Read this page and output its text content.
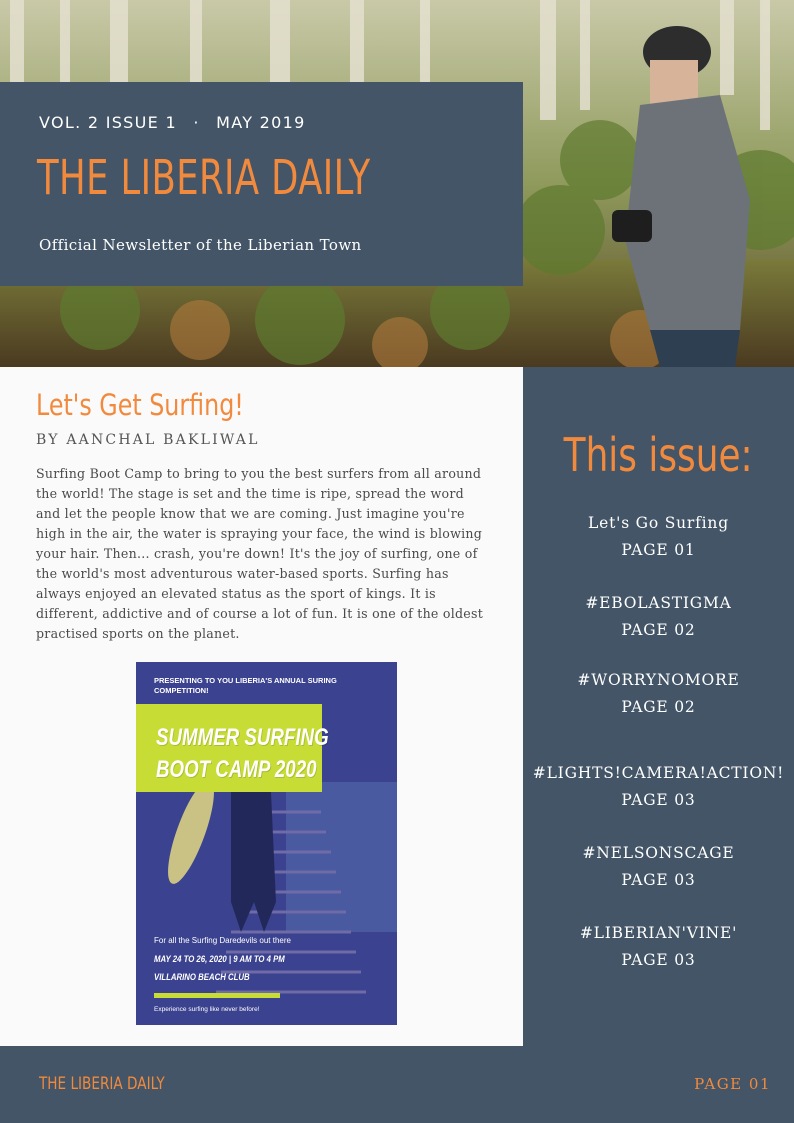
VOL. 2 ISSUE 1 · MAY 2019
THE LIBERIA DAILY
Official Newsletter of the Liberian Town
Let's Get Surfing!
BY AANCHAL BAKLIWAL
Surfing Boot Camp to bring to you the best surfers from all around the world! The stage is set and the time is ripe, spread the word and let the people know that we are coming. Just imagine you're high in the air, the water is spraying your face, the wind is blowing your hair. Then... crash, you're down! It's the joy of surfing, one of the world's most adventurous water-based sports. Surfing has always enjoyed an elevated status as the sport of kings. It is different, addictive and of course a lot of fun. It is one of the oldest practised sports on the planet.
PRESENTING TO YOU LIBERIA'S ANNUAL SURING COMPETITION!
SUMMER SURFING
BOOT CAMP 2020
For all the Surfing Daredevils out there
MAY 24 TO 26, 2020 | 9 AM TO 4 PM
VILLARINO BEACH CLUB
Experience surfing like never before!
This issue:
Let's Go Surfing
PAGE 01
#EBOLASTIGMA
PAGE 02
#WORRYNOMORE
PAGE 02
#LIGHTS!CAMERA!ACTION!
PAGE 03
#NELSONSCAGE
PAGE 03
#LIBERIAN'VINE'
PAGE 03
THE LIBERIA DAILY	PAGE 01
